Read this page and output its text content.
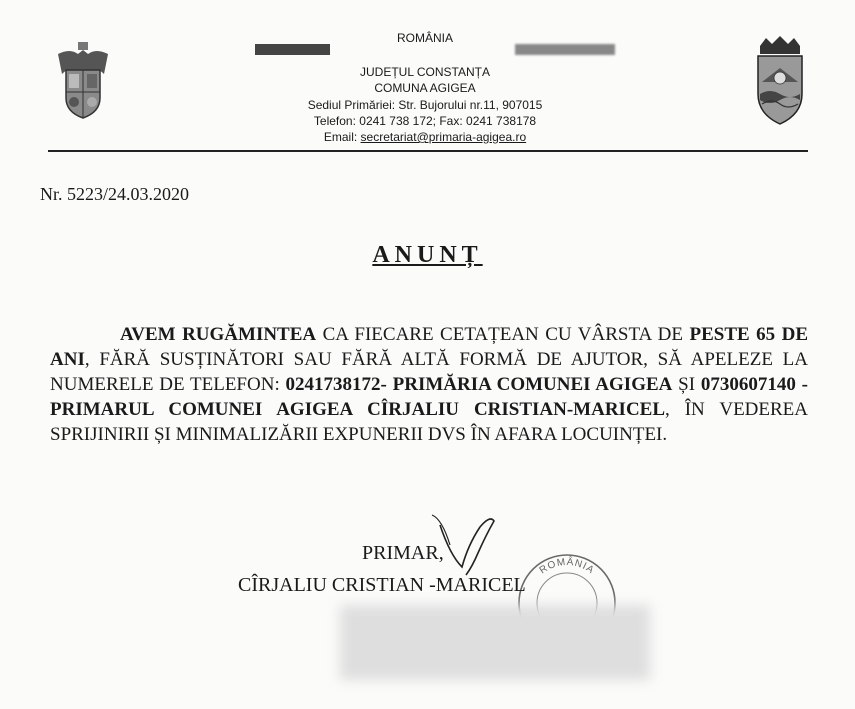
ROMÂNIA
JUDEȚUL CONSTANȚA
COMUNA AGIGEA
Sediul Primăriei: Str. Bujorului nr.11, 907015
Telefon: 0241 738 172; Fax: 0241 738178
Email: secretariat@primaria-agigea.ro
Nr. 5223/24.03.2020
ANUNȚ

AVEM RUGĂMINTEA CA FIECARE CETAȚEAN CU VÂRSTA DE PESTE 65 DE ANI, FĂRĂ SUSȚINĂTORI SAU FĂRĂ ALTĂ FORMĂ DE AJUTOR, SĂ APELEZE LA NUMERELE DE TELEFON: 0241738172- PRIMĂRIA COMUNEI AGIGEA ȘI 0730607140 - PRIMARUL COMUNEI AGIGEA CÎRJALIU CRISTIAN-MARICEL, ÎN VEDEREA SPRIJINIRII ȘI MINIMALIZĂRII EXPUNERII DVS ÎN AFARA LOCUINȚEI.

ROMÂNIA
PRIMAR,
CÎRJALIU CRISTIAN -MARICEL
